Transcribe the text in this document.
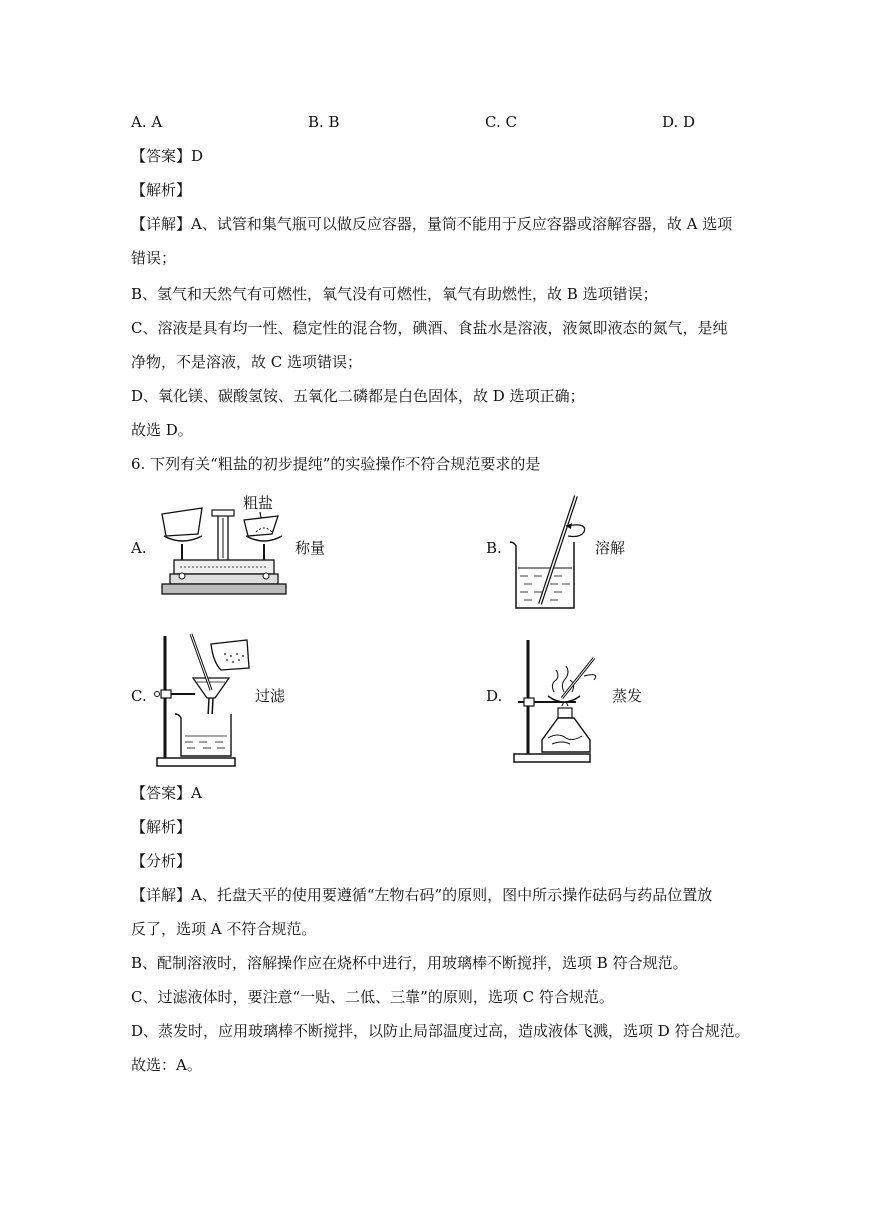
A. A	B. B	C. C	D. D
【答案】D
【解析】
【详解】A、试管和集气瓶可以做反应容器，量筒不能用于反应容器或溶解容器，故 A 选项
错误；
B、氢气和天然气有可燃性，氧气没有可燃性，氧气有助燃性，故 B 选项错误；
C、溶液是具有均一性、稳定性的混合物，碘酒、食盐水是溶液，液氮即液态的氮气，是纯
净物，不是溶液，故 C 选项错误；
D、氧化镁、碳酸氢铵、五氧化二磷都是白色固体，故 D 选项正确；
故选 D。
6. 下列有关“粗盐的初步提纯”的实验操作不符合规范要求的是
A.
粗盐
称量	B.	溶解
C.	过滤	D.	蒸发
【答案】A
【解析】
【分析】
【详解】A、托盘天平的使用要遵循“左物右码”的原则，图中所示操作砝码与药品位置放
反了，选项 A 不符合规范。
B、配制溶液时，溶解操作应在烧杯中进行，用玻璃棒不断搅拌，选项 B 符合规范。
C、过滤液体时，要注意“一贴、二低、三靠”的原则，选项 C 符合规范。
D、蒸发时，应用玻璃棒不断搅拌，以防止局部温度过高，造成液体飞溅，选项 D 符合规范。
故选：A。
